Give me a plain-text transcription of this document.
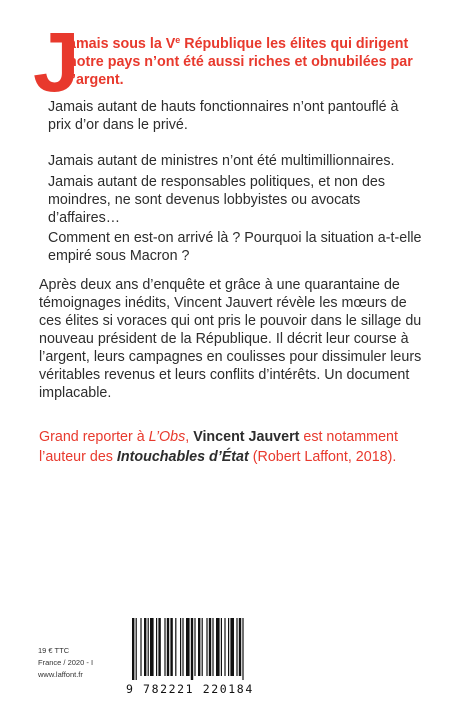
J
amais sous la Ve République les élites qui dirigent
notre pays n’ont été aussi riches et obnubilées par
l’argent.
Jamais autant de hauts fonctionnaires n’ont pantouflé à prix d’or dans le privé.
Jamais autant de ministres n’ont été multimillionnaires.
Jamais autant de responsables politiques, et non des moindres, ne sont devenus lobbyistes ou avocats d’affaires…
Comment en est-on arrivé là ? Pourquoi la situation a-t-elle empiré sous Macron ?
Après deux ans d’enquête et grâce à une quarantaine de témoignages inédits, Vincent Jauvert révèle les mœurs de ces élites si voraces qui ont pris le pouvoir dans le sillage du nouveau président de la République. Il décrit leur course à l’argent, leurs campagnes en coulisses pour dissimuler leurs véritables revenus et leurs conflits d’intérêts. Un document implacable.
Grand reporter à L’Obs, Vincent Jauvert est notamment l’auteur des Intouchables d’État (Robert Laffont, 2018).
19 € TTC
France / 2020 - I
www.laffont.fr
9 782221 220184
